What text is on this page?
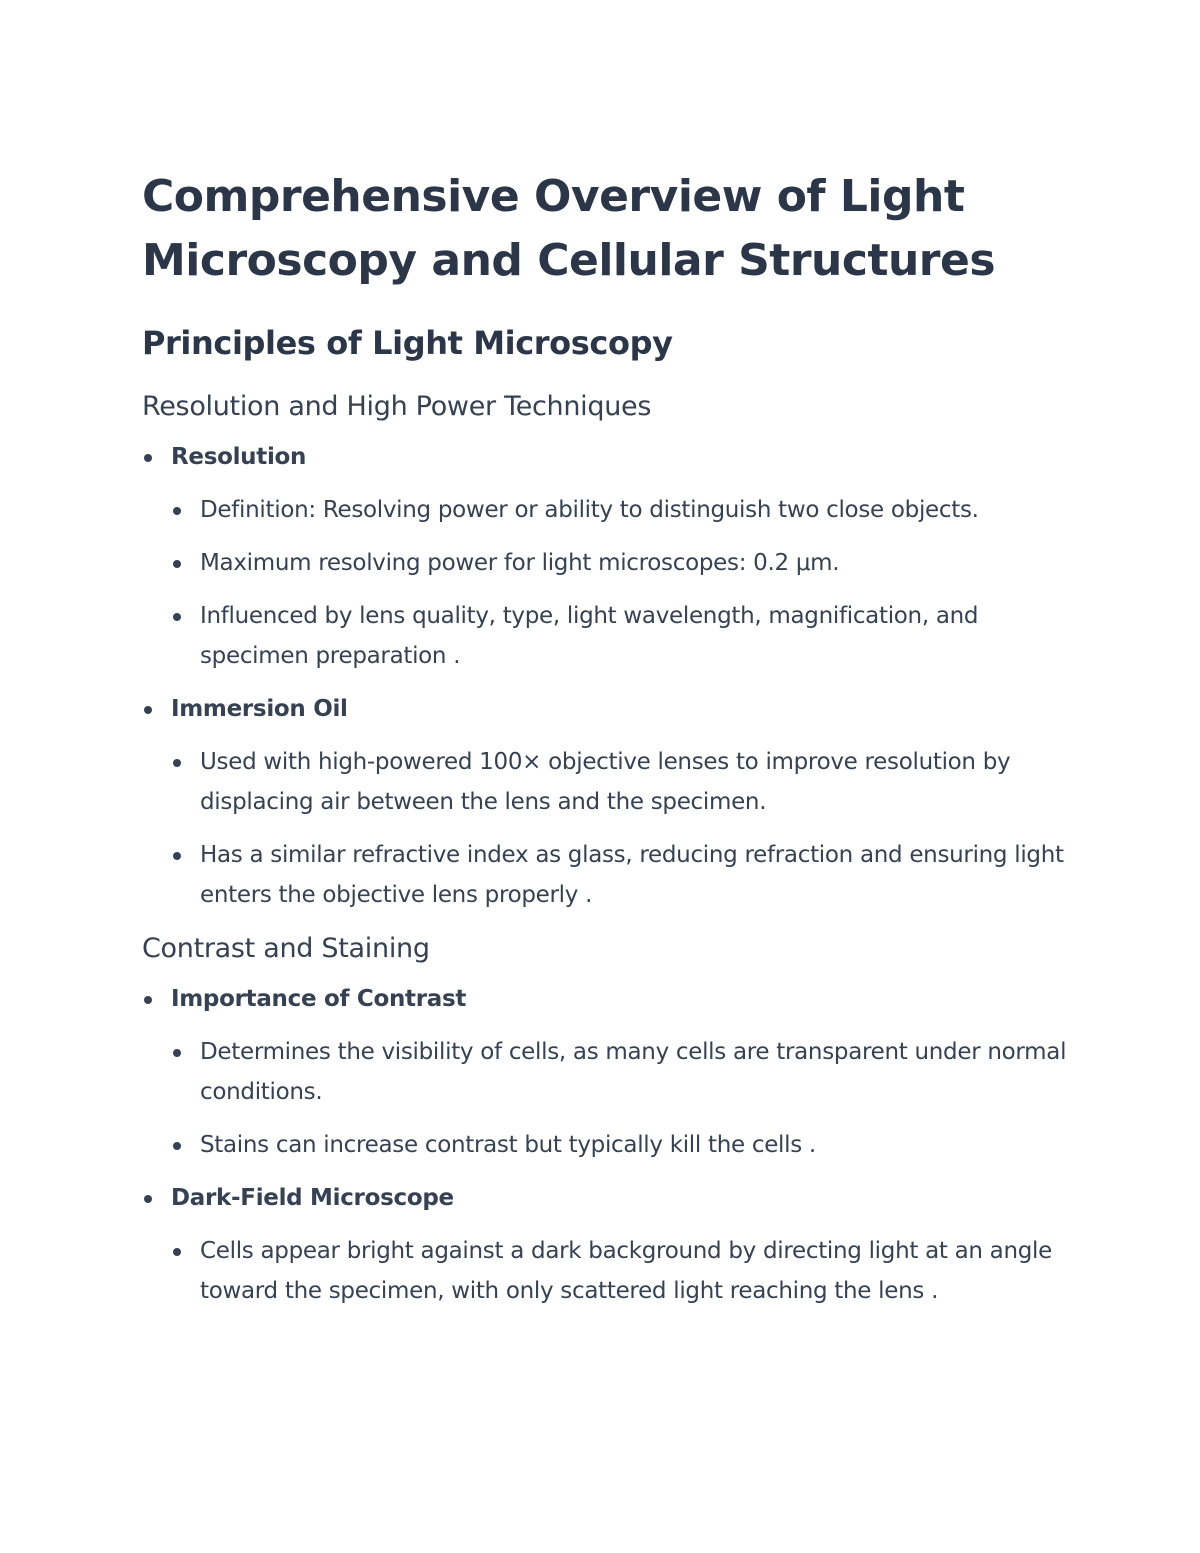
Comprehensive Overview of Light Microscopy and Cellular Structures
Principles of Light Microscopy
Resolution and High Power Techniques
Resolution
Definition: Resolving power or ability to distinguish two close objects.
Maximum resolving power for light microscopes: 0.2 μm.
Influenced by lens quality, type, light wavelength, magnification, and specimen preparation .
Immersion Oil
Used with high-powered 100× objective lenses to improve resolution by displacing air between the lens and the specimen.
Has a similar refractive index as glass, reducing refraction and ensuring light enters the objective lens properly .
Contrast and Staining
Importance of Contrast
Determines the visibility of cells, as many cells are transparent under normal conditions.
Stains can increase contrast but typically kill the cells .
Dark-Field Microscope
Cells appear bright against a dark background by directing light at an angle toward the specimen, with only scattered light reaching the lens .
